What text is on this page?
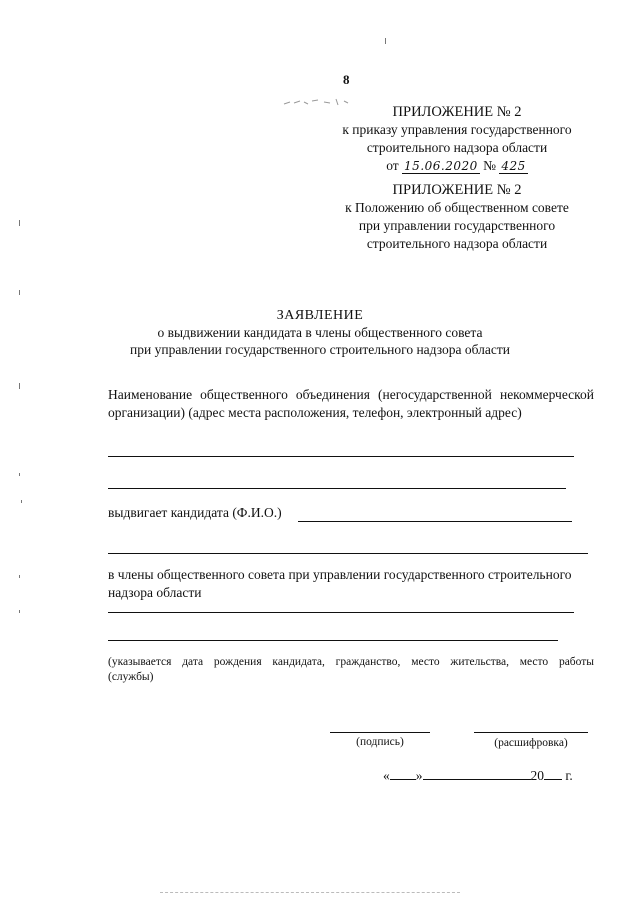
8
ПРИЛОЖЕНИЕ № 2
к приказу управления государственного
строительного надзора области
от 15.06.2020 № 425
ПРИЛОЖЕНИЕ № 2
к Положению об общественном совете
при управлении государственного
строительного надзора области
ЗАЯВЛЕНИЕ
о выдвижении кандидата в члены общественного совета
при управлении государственного строительного надзора области
Наименование общественного объединения (негосударственной некоммерческой организации) (адрес места расположения, телефон, электронный адрес)
выдвигает кандидата (Ф.И.О.)
в члены общественного совета при управлении государственного строительного надзора области
(указывается дата рождения кандидата, гражданство, место жительства, место работы (службы)
(подпись)	(расшифровка)
« »	20 г.
